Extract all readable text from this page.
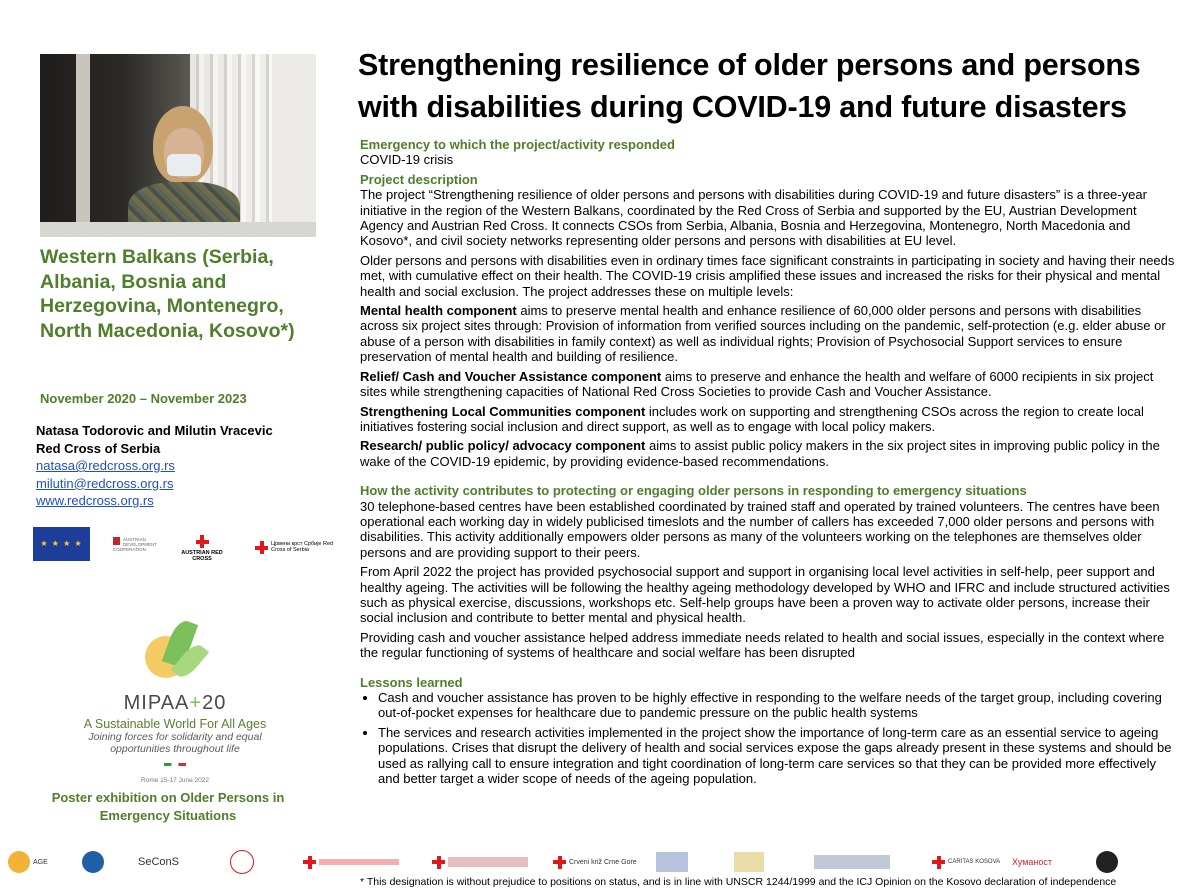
Western Balkans (Serbia, Albania, Bosnia and Herzegovina, Montenegro, North Macedonia, Kosovo*)
November 2020 – November 2023
Natasa Todorovic and Milutin Vracevic
Red Cross of Serbia
natasa@redcross.org.rs
milutin@redcross.org.rs
www.redcross.org.rs
★ ★ ★ ★	AUSTRIAN DEVELOPMENT COOPERATION

AUSTRIAN RED CROSS
Црвени крст Србије Red Cross of Serbia
MIPAA+20
A Sustainable World For All Ages
Joining forces for solidarity and equal opportunities throughout life
Rome 15-17 June 2022
Poster exhibition on Older Persons in Emergency Situations
Strengthening resilience of older persons and persons with disabilities during COVID-19 and future disasters
Emergency to which the project/activity responded

COVID-19 crisis

Project description

The project “Strengthening resilience of older persons and persons with disabilities during COVID-19 and future disasters” is a three-year initiative in the region of the Western Balkans, coordinated by the Red Cross of Serbia and supported by the EU, Austrian Development Agency and Austrian Red Cross. It connects CSOs from Serbia, Albania, Bosnia and Herzegovina, Montenegro, North Macedonia and Kosovo*, and civil society networks representing older persons and persons with disabilities at EU level.

Older persons and persons with disabilities even in ordinary times face significant constraints in participating in society and having their needs met, with cumulative effect on their health. The COVID-19 crisis amplified these issues and increased the risks for their physical and mental health and social exclusion. The project addresses these on multiple levels:

Mental health component aims to preserve mental health and enhance resilience of 60,000 older persons and persons with disabilities across six project sites through: Provision of information from verified sources including on the pandemic, self-protection (e.g. elder abuse or abuse of a person with disabilities in family context) as well as individual rights; Provision of Psychosocial Support services to ensure preservation of mental health and building of resilience.

Relief/ Cash and Voucher Assistance component aims to preserve and enhance the health and welfare of 6000 recipients in six project sites while strengthening capacities of National Red Cross Societies to provide Cash and Voucher Assistance.

Strengthening Local Communities component includes work on supporting and strengthening CSOs across the region to create local initiatives fostering social inclusion and direct support, as well as to engage with local policy makers.

Research/ public policy/ advocacy component aims to assist public policy makers in the six project sites in improving public policy in the wake of the COVID-19 epidemic, by providing evidence-based recommendations.

How the activity contributes to protecting or engaging older persons in responding to emergency situations

30 telephone-based centres have been established coordinated by trained staff and operated by trained volunteers. The centres have been operational each working day in widely publicised timeslots and the number of callers has exceeded 7,000 older persons and persons with disabilities. This activity additionally empowers older persons as many of the volunteers working on the telephones are themselves older persons and are providing support to their peers.

From April 2022 the project has provided psychosocial support and support in organising local level activities in self-help, peer support and healthy ageing. The activities will be following the healthy ageing methodology developed by WHO and IFRC and include structured activities such as physical exercise, discussions, workshops etc. Self-help groups have been a proven way to activate older persons, increase their social inclusion and contribute to better mental and physical health.

Providing cash and voucher assistance helped address immediate needs related to health and social issues, especially in the context where the regular functioning of systems of healthcare and social welfare has been disrupted

Lessons learned
• Cash and voucher assistance has proven to be highly effective in responding to the welfare needs of the target group, including covering out-of-pocket expenses for healthcare due to pandemic pressure on the public health systems
• The services and research activities implemented in the project show the importance of long-term care as an essential service to ageing populations. Crises that disrupt the delivery of health and social services expose the gaps already present in these systems and should be used as rallying call to ensure integration and tight coordination of long-term care services so that they can be provided more effectively and better target a wider scope of needs of the ageing population.
AGE	SeConS	Crveni križ Crne Gore	CARITAS KOSOVA Хуманост
* This designation is without prejudice to positions on status, and is in line with UNSCR 1244/1999 and the ICJ Opinion on the Kosovo declaration of independence
